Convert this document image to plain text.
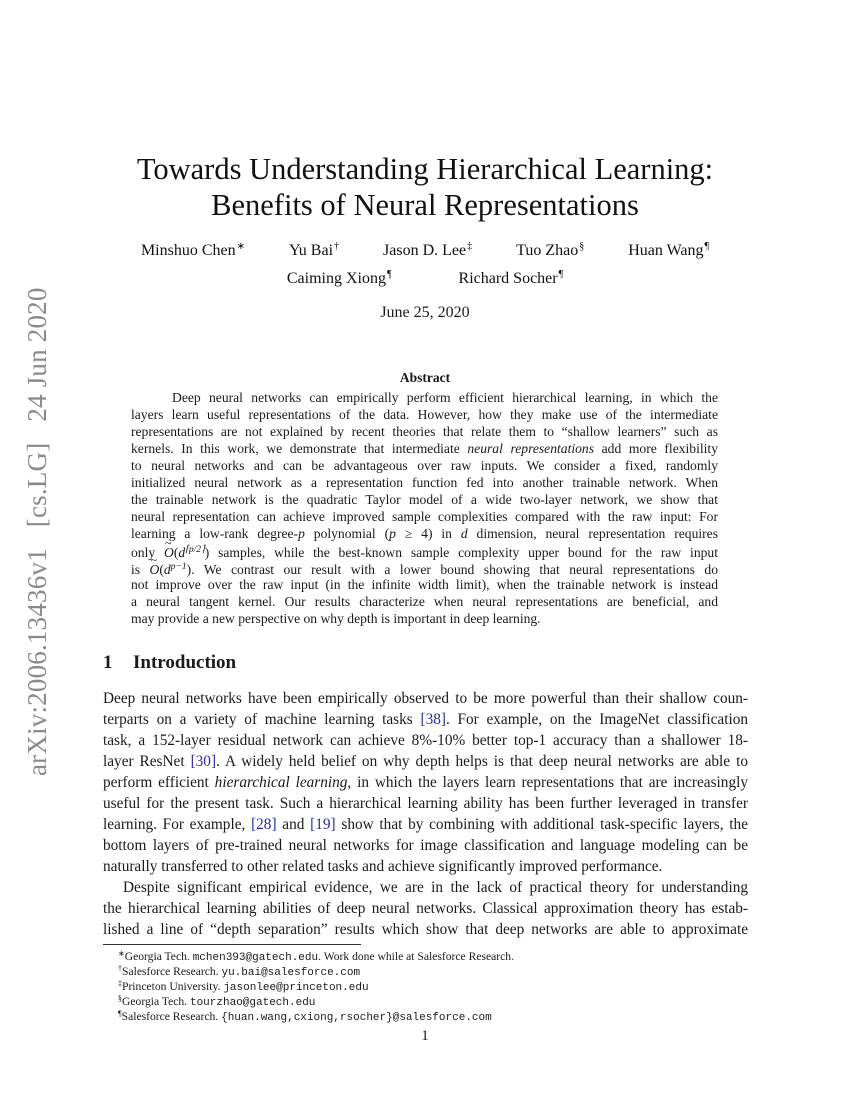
arXiv:2006.13436v1 [cs.LG] 24 Jun 2020
Towards Understanding Hierarchical Learning:
Benefits of Neural Representations
Minshuo Chen∗	Yu Bai†	Jason D. Lee‡	Tuo Zhao§	Huan Wang¶
Caiming Xiong¶	Richard Socher¶
June 25, 2020
Abstract
Deep neural networks can empirically perform efficient hierarchical learning, in which the
layers learn useful representations of the data. However, how they make use of the intermediate
representations are not explained by recent theories that relate them to “shallow learners” such as
kernels. In this work, we demonstrate that intermediate neural representations add more flexibility
to neural networks and can be advantageous over raw inputs. We consider a fixed, randomly
initialized neural network as a representation function fed into another trainable network. When
the trainable network is the quadratic Taylor model of a wide two-layer network, we show that
neural representation can achieve improved sample complexities compared with the raw input: For
learning a low-rank degree-p polynomial (p ≥ 4) in d dimension, neural representation requires
only ~ $O(d^{⌈p/2⌉})$ samples, while the best-known sample complexity upper bound for the raw input
is ~ $O(d^{p-1})$. We contrast our result with a lower bound showing that neural representations do
not improve over the raw input (in the infinite width limit), when the trainable network is instead
a neural tangent kernel. Our results characterize when neural representations are beneficial, and
may provide a new perspective on why depth is important in deep learning.
1 Introduction
Deep neural networks have been empirically observed to be more powerful than their shallow coun-
terparts on a variety of machine learning tasks [38]. For example, on the ImageNet classification
task, a 152-layer residual network can achieve 8%-10% better top-1 accuracy than a shallower 18-
layer ResNet [30]. A widely held belief on why depth helps is that deep neural networks are able to
perform efficient hierarchical learning, in which the layers learn representations that are increasingly
useful for the present task. Such a hierarchical learning ability has been further leveraged in transfer
learning. For example, [28] and [19] show that by combining with additional task-specific layers, the
bottom layers of pre-trained neural networks for image classification and language modeling can be
naturally transferred to other related tasks and achieve significantly improved performance.
Despite significant empirical evidence, we are in the lack of practical theory for understanding
the hierarchical learning abilities of deep neural networks. Classical approximation theory has estab-
lished a line of “depth separation” results which show that deep networks are able to approximate
∗Georgia Tech. mchen393@gatech.edu. Work done while at Salesforce Research.
†Salesforce Research. yu.bai@salesforce.com
‡Princeton University. jasonlee@princeton.edu
§Georgia Tech. tourzhao@gatech.edu
¶Salesforce Research. {huan.wang,cxiong,rsocher}@salesforce.com
1
